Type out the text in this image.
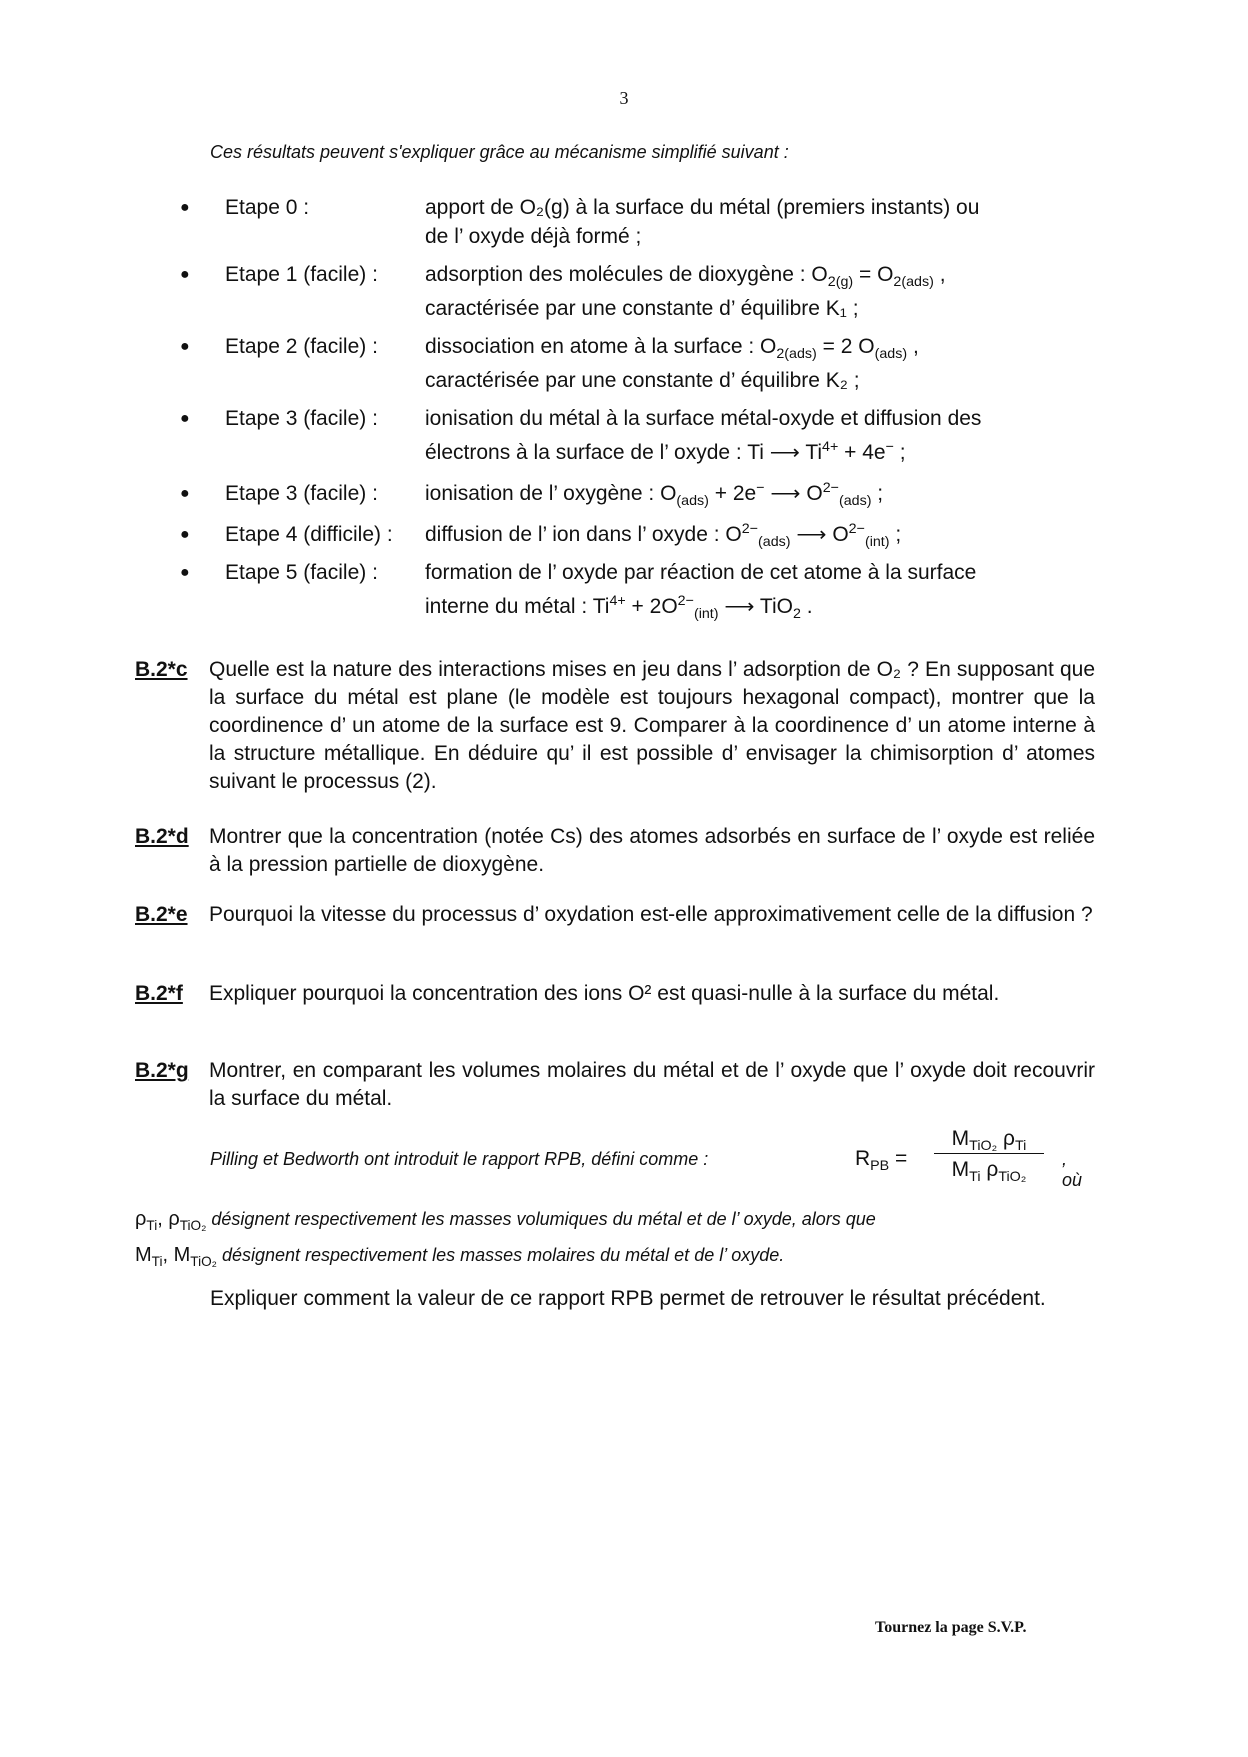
3
Ces résultats peuvent s'expliquer grâce au mécanisme simplifié suivant :
● Etape 0 :	apport de O₂(g) à la surface du métal (premiers instants) ou
de l’ oxyde déjà formé ;
● Etape 1 (facile) : adsorption des molécules de dioxygène : $O_{2(g)} = O_{2(ads)}$ ,
caractérisée par une constante d’ équilibre K₁ ;
● Etape 2 (facile) : dissociation en atome à la surface : $O_{2(ads)} = 2$ $O_{(ads)}$ ,
caractérisée par une constante d’ équilibre K₂ ;
● Etape 3 (facile) : ionisation du métal à la surface métal-oxyde et diffusion des
électrons à la surface de l’ oxyde : Ti ⟶ $Ti^{4+} + 4e^-$ ;
● Etape 3 (facile) : ionisation de l’ oxygène : $O_{(ads)} + 2e^-$ ⟶ $O^{2-}_{(ads)}$ ;
● Etape 4 (difficile) : diffusion de l’ ion dans l’ oxyde : $O^{2-}_{(ads)}$ ⟶ $O^{2-}_{(int)}$ ;
● Etape 5 (facile) : formation de l’ oxyde par réaction de cet atome à la surface
interne du métal : $Ti^{4+} + 2O^{2-}_{(int)}$ ⟶ TiO$_2$ .
B.2*c	Quelle est la nature des interactions mises en jeu dans l’ adsorption de O₂ ? En supposant que la surface du métal est plane (le modèle est toujours hexagonal compact), montrer que la coordinence d’ un atome de la surface est 9. Comparer à la coordinence d’ un atome interne à la structure métallique. En déduire qu’ il est possible d’ envisager la chimisorption d’ atomes suivant le processus (2).
B.2*d Montrer que la concentration (notée Cs) des atomes adsorbés en surface de l’ oxyde est reliée à la pression partielle de dioxygène.
B.2*e	Pourquoi la vitesse du processus d’ oxydation est-elle approximativement celle de la diffusion ?
B.2*f	Expliquer pourquoi la concentration des ions O² est quasi-nulle à la surface du métal.
B.2*g Montrer, en comparant les volumes molaires du métal et de l’ oxyde que l’ oxyde doit recouvrir la surface du métal.
Pilling et Bedworth ont introduit le rapport RPB, défini comme :	$R_{PB}$ =
$M_{TiO_2}$ $\rho_{Ti}$
$M_{Ti}$ $\rho_{TiO_2}$
, où
$\rho_{Ti}$, $\rho_{TiO_2}$ désignent respectivement les masses volumiques du métal et de l’ oxyde, alors que
$M_{Ti}$, $M_{TiO_2}$ désignent respectivement les masses molaires du métal et de l’ oxyde.
Expliquer comment la valeur de ce rapport RPB permet de retrouver le résultat précédent.
Tournez la page S.V.P.
